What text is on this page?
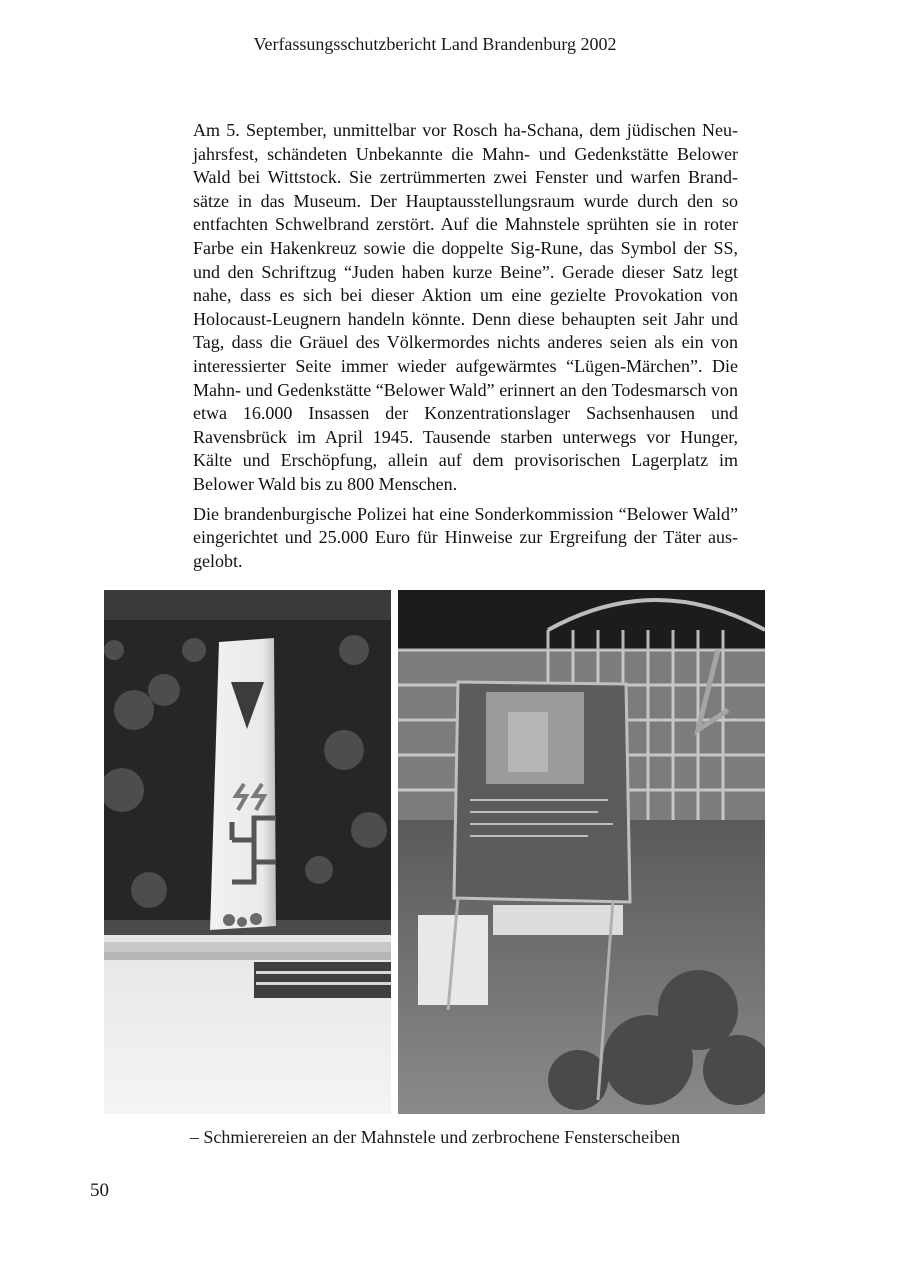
Verfassungsschutzbericht Land Brandenburg 2002

Am 5. September, unmittelbar vor Rosch ha-Schana, dem jüdischen Neujahrsfest, schändeten Unbekannte die Mahn- und Gedenkstätte Belower Wald bei Wittstock. Sie zertrümmerten zwei Fenster und warfen Brandsätze in das Museum. Der Hauptausstellungsraum wurde durch den so entfachten Schwelbrand zerstört. Auf die Mahnstele sprühten sie in roter Farbe ein Hakenkreuz sowie die doppelte Sig-Rune, das Symbol der SS, und den Schriftzug “Juden haben kurze Beine”. Gerade dieser Satz legt nahe, dass es sich bei dieser Aktion um eine gezielte Provokation von Holocaust-Leugnern handeln könnte. Denn diese behaupten seit Jahr und Tag, dass die Gräuel des Völkermordes nichts anderes seien als ein von interessierter Seite immer wieder aufgewärmtes “Lügen-Märchen”. Die Mahn- und Gedenkstätte “Belower Wald” erinnert an den Todesmarsch von etwa 16.000 Insassen der Konzentrationslager Sachsenhausen und Ravensbrück im April 1945. Tausende starben unterwegs vor Hunger, Kälte und Erschöpfung, allein auf dem provisorischen Lagerplatz im Belower Wald bis zu 800 Menschen.

Die brandenburgische Polizei hat eine Sonderkommission “Belower Wald” eingerichtet und 25.000 Euro für Hinweise zur Ergreifung der Täter ausgelobt.

– Schmierereien an der Mahnstele und zerbrochene Fensterscheiben
50
